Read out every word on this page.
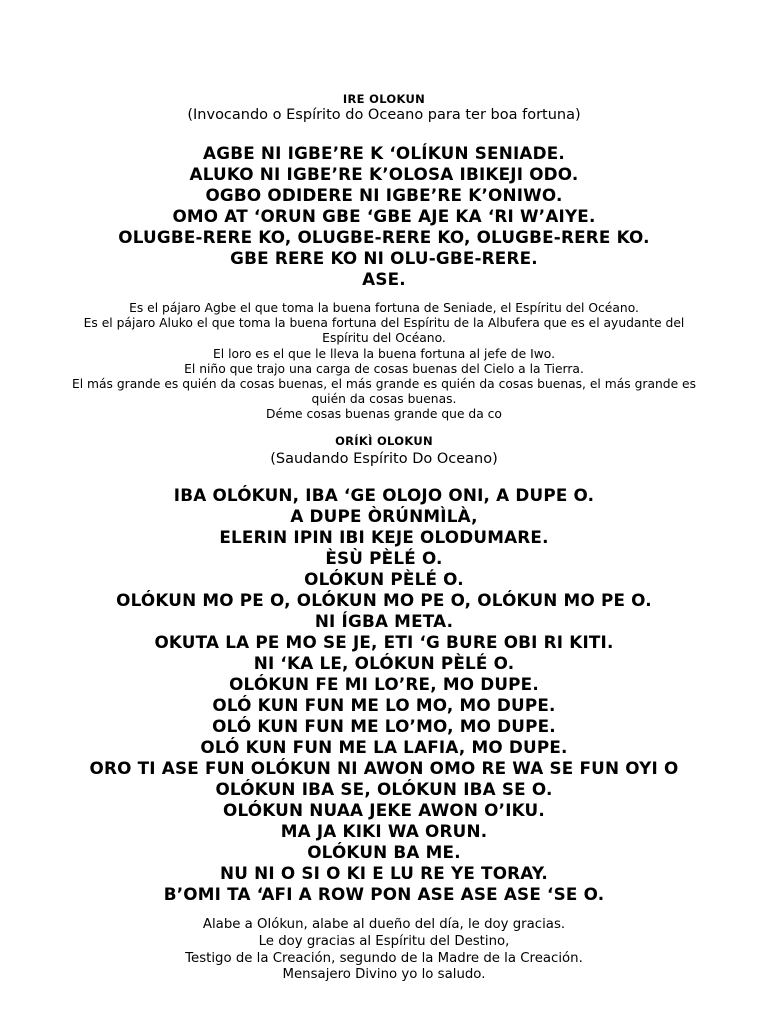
IRE OLOKUN
(Invocando o Espírito do Oceano para ter boa fortuna)
AGBE NI IGBE’RE K ‘OLÍKUN SENIADE.
ALUKO NI IGBE’RE K’OLOSA IBIKEJI ODO.
OGBO ODIDERE NI IGBE’RE K’ONIWO.
OMO AT ‘ORUN GBE ‘GBE AJE KA ‘RI W’AIYE.
OLUGBE-RERE KO, OLUGBE-RERE KO, OLUGBE-RERE KO.
GBE RERE KO NI OLU-GBE-RERE.
ASE.
Es el pájaro Agbe el que toma la buena fortuna de Seniade, el Espíritu del Océano.
Es el pájaro Aluko el que toma la buena fortuna del Espíritu de la Albufera que es el ayudante del
Espíritu del Océano.
El loro es el que le lleva la buena fortuna al jefe de Iwo.
El niño que trajo una carga de cosas buenas del Cielo a la Tierra.
El más grande es quién da cosas buenas, el más grande es quién da cosas buenas, el más grande es
quién da cosas buenas.
Déme cosas buenas grande que da co
ORÍKÌ OLOKUN
(Saudando Espírito Do Oceano)
IBA OLÓKUN, IBA ‘GE OLOJO ONI, A DUPE O.
A DUPE ÒRÚNMÌLÀ,
ELERIN IPIN IBI KEJE OLODUMARE.
ÈSÙ PÈLÉ O.
OLÓKUN PÈLÉ O.
OLÓKUN MO PE O, OLÓKUN MO PE O, OLÓKUN MO PE O.
NI ÍGBA META.
OKUTA LA PE MO SE JE, ETI ‘G BURE OBI RI KITI.
NI ‘KA LE, OLÓKUN PÈLÉ O.
OLÓKUN FE MI LO’RE, MO DUPE.
OLÓ KUN FUN ME LO MO, MO DUPE.
OLÓ KUN FUN ME LO’MO, MO DUPE.
OLÓ KUN FUN ME LA LAFIA, MO DUPE.
ORO TI ASE FUN OLÓKUN NI AWON OMO RE WA SE FUN OYI O
OLÓKUN IBA SE, OLÓKUN IBA SE O.
OLÓKUN NUAA JEKE AWON O’IKU.
MA JA KIKI WA ORUN.
OLÓKUN BA ME.
NU NI O SI O KI E LU RE YE TORAY.
B’OMI TA ‘AFI A ROW PON ASE ASE ASE ‘SE O.
Alabe a Olókun, alabe al dueño del día, le doy gracias.
Le doy gracias al Espíritu del Destino,
Testigo de la Creación, segundo de la Madre de la Creación.
Mensajero Divino yo lo saludo.
